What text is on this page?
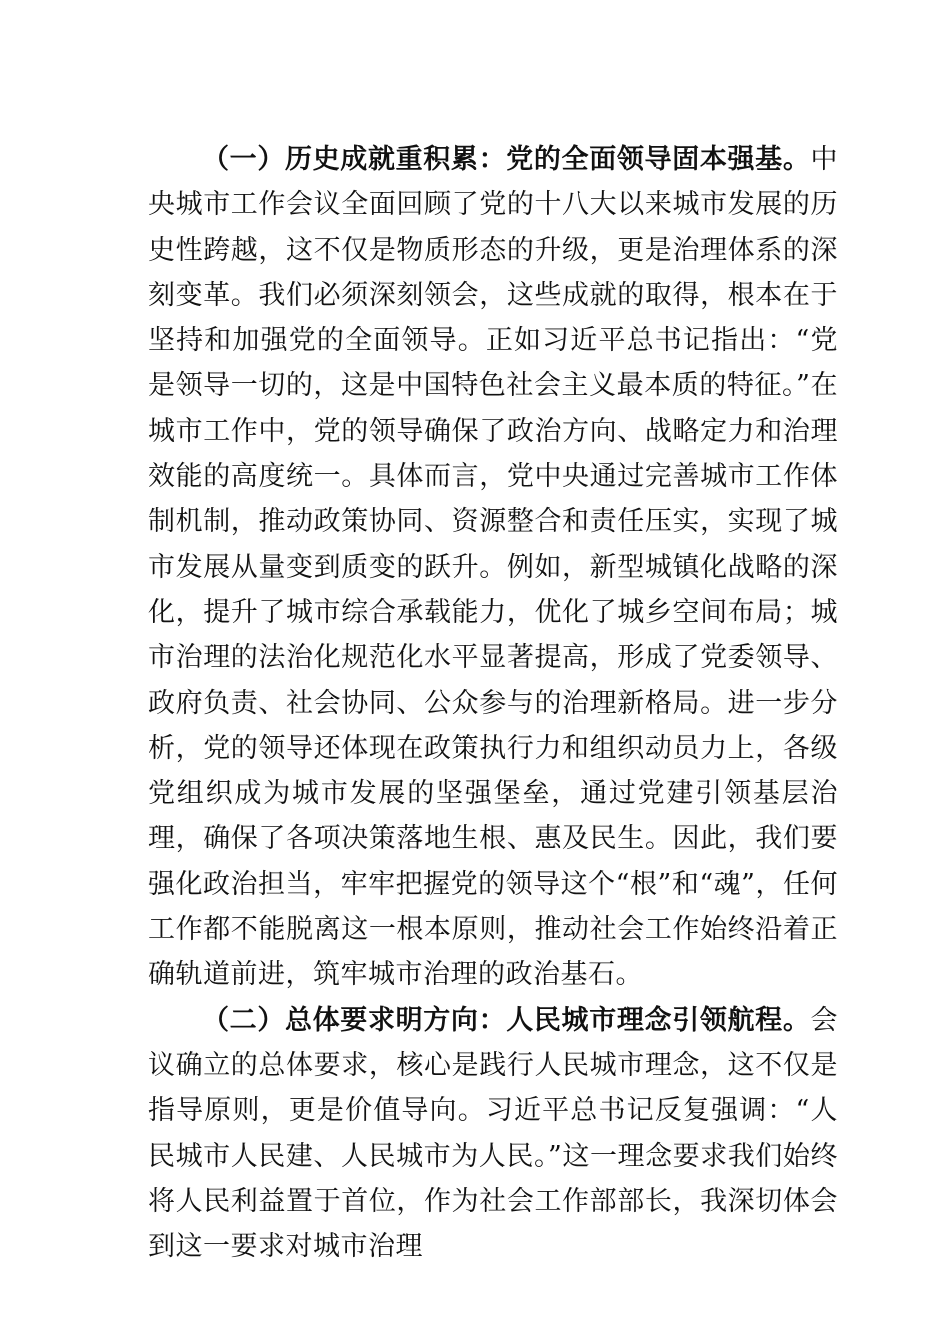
（一）历史成就重积累：党的全面领导固本强基。中央城市工作会议全面回顾了党的十八大以来城市发展的历史性跨越，这不仅是物质形态的升级，更是治理体系的深刻变革。我们必须深刻领会，这些成就的取得，根本在于坚持和加强党的全面领导。正如习近平总书记指出：“党是领导一切的，这是中国特色社会主义最本质的特征。”在城市工作中，党的领导确保了政治方向、战略定力和治理效能的高度统一。具体而言，党中央通过完善城市工作体制机制，推动政策协同、资源整合和责任压实，实现了城市发展从量变到质变的跃升。例如，新型城镇化战略的深化，提升了城市综合承载能力，优化了城乡空间布局；城市治理的法治化规范化水平显著提高，形成了党委领导、政府负责、社会协同、公众参与的治理新格局。进一步分析，党的领导还体现在政策执行力和组织动员力上，各级党组织成为城市发展的坚强堡垒，通过党建引领基层治理，确保了各项决策落地生根、惠及民生。因此，我们要强化政治担当，牢牢把握党的领导这个“根”和“魂”，任何工作都不能脱离这一根本原则，推动社会工作始终沿着正确轨道前进，筑牢城市治理的政治基石。

（二）总体要求明方向：人民城市理念引领航程。会议确立的总体要求，核心是践行人民城市理念，这不仅是指导原则，更是价值导向。习近平总书记反复强调：“人民城市人民建、人民城市为人民。”这一理念要求我们始终将人民利益置于首位，作为社会工作部部长，我深切体会到这一要求对城市治理
